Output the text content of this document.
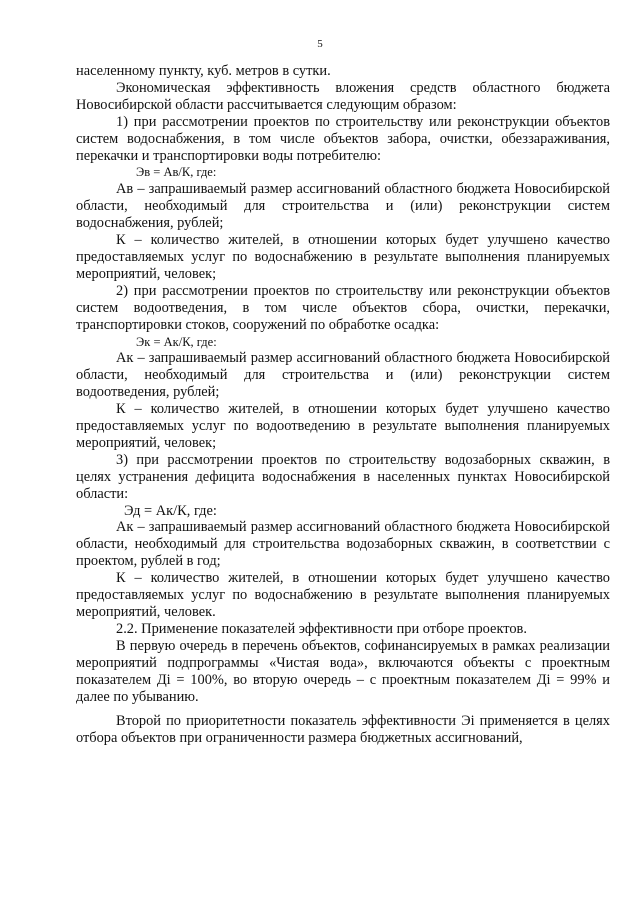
5

населенному пункту, куб. метров в сутки.

Экономическая эффективность вложения средств областного бюджета Новосибирской области рассчитывается следующим образом:

1) при рассмотрении проектов по строительству или реконструкции объектов систем водоснабжения, в том числе объектов забора, очистки, обеззараживания, перекачки и транспортировки воды потребителю:

Эв = Ав/К, где:

Ав – запрашиваемый размер ассигнований областного бюджета Новосибирской области, необходимый для строительства и (или) реконструкции систем водоснабжения, рублей;

К – количество жителей, в отношении которых будет улучшено качество предоставляемых услуг по водоснабжению в результате выполнения планируемых мероприятий, человек;

2) при рассмотрении проектов по строительству или реконструкции объектов систем водоотведения, в том числе объектов сбора, очистки, перекачки, транспортировки стоков, сооружений по обработке осадка:

Эк = Ак/К, где:

Ак – запрашиваемый размер ассигнований областного бюджета Новосибирской области, необходимый для строительства и (или) реконструкции систем водоотведения, рублей;

К – количество жителей, в отношении которых будет улучшено качество предоставляемых услуг по водоотведению в результате выполнения планируемых мероприятий, человек;

3) при рассмотрении проектов по строительству водозаборных скважин, в целях устранения дефицита водоснабжения в населенных пунктах Новосибирской области:

Эд = Ак/К, где:

Ак – запрашиваемый размер ассигнований областного бюджета Новосибирской области, необходимый для строительства водозаборных скважин, в соответствии с проектом, рублей в год;

К – количество жителей, в отношении которых будет улучшено качество предоставляемых услуг по водоснабжению в результате выполнения планируемых мероприятий, человек.

2.2. Применение показателей эффективности при отборе проектов.

В первую очередь в перечень объектов, софинансируемых в рамках реализации мероприятий подпрограммы «Чистая вода», включаются объекты с проектным показателем Дi = 100%, во вторую очередь – с проектным показателем Дi = 99% и далее по убыванию.

Второй по приоритетности показатель эффективности Эi применяется в целях отбора объектов при ограниченности размера бюджетных ассигнований,
